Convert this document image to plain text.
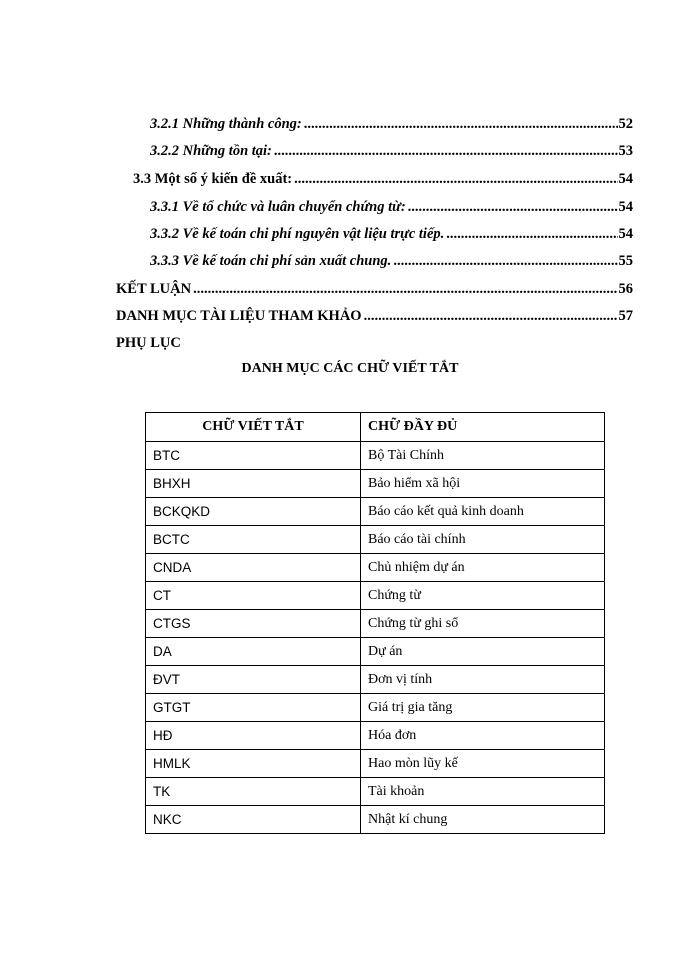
3.2.1 Những thành công: .....	52
3.2.2 Những tồn tại: .....	53
3.3 Một số ý kiến đề xuất: .....	54
3.3.1 Về tổ chức và luân chuyển chứng từ: .....	54
3.3.2 Về kế toán chi phí nguyên vật liệu trực tiếp. .....	54
3.3.3 Về kế toán chi phí sản xuất chung. .....	55
KẾT LUẬN .....	56
DANH MỤC TÀI LIỆU THAM KHẢO .....	57
PHỤ LỤC
DANH MỤC CÁC CHỮ VIẾT TẮT
CHỮ VIẾT TẮT	CHỮ ĐẦY ĐỦ
BTC	Bộ Tài Chính
BHXH	Bảo hiểm xã hội
BCKQKD	Báo cáo kết quả kinh doanh
BCTC	Báo cáo tài chính
CNDA	Chủ nhiệm dự án
CT	Chứng từ
CTGS	Chứng từ ghi sổ
DA	Dự án
ĐVT	Đơn vị tính
GTGT	Giá trị gia tăng
HĐ	Hóa đơn
HMLK	Hao mòn lũy kế
TK	Tài khoản
NKC	Nhật kí chung
